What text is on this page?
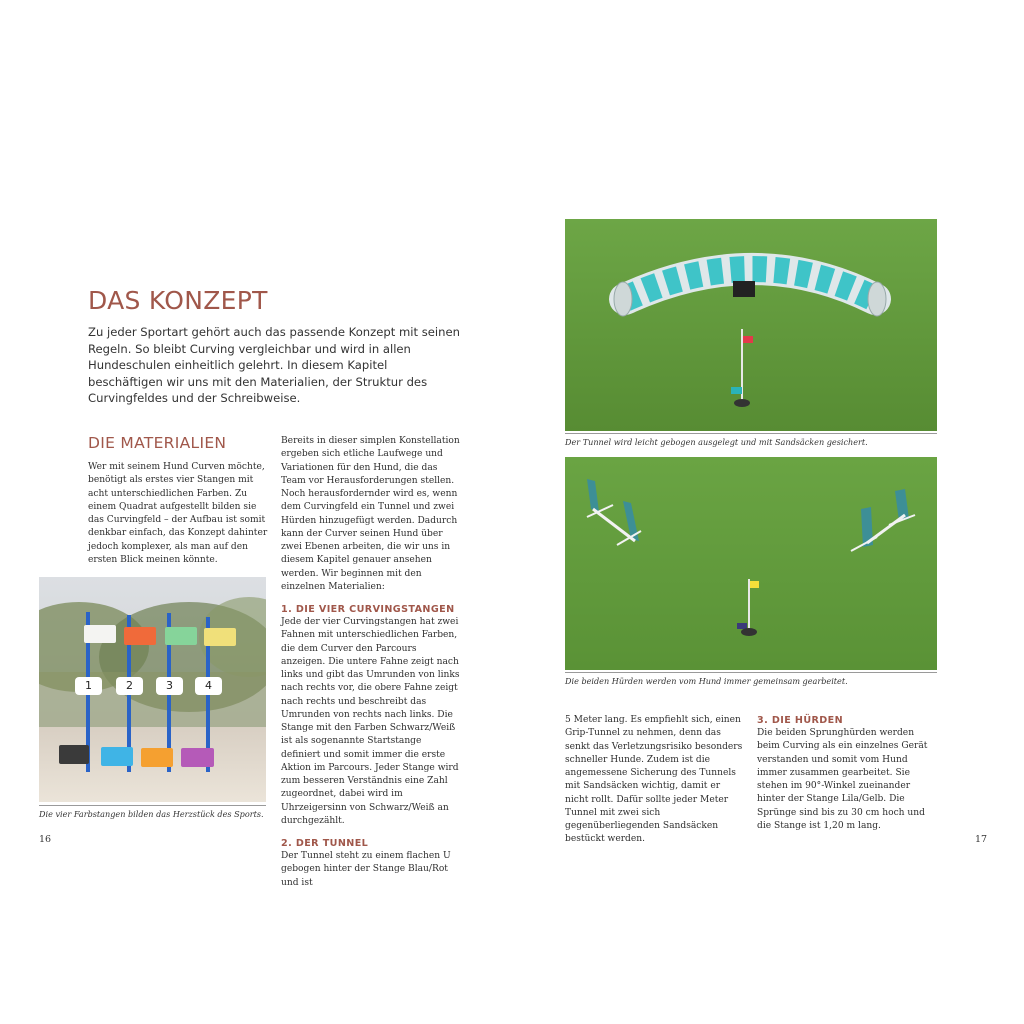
DAS KONZEPT

Zu jeder Sportart gehört auch das passende Konzept mit seinen Regeln. So bleibt Curving vergleichbar und wird in allen Hundeschulen einheitlich gelehrt. In diesem Kapitel beschäftigen wir uns mit den Materialien, der Struktur des Curvingfeldes und der Schreibweise.

DIE MATERIALIEN
Wer mit seinem Hund Curven möchte, benötigt als erstes vier Stangen mit acht unterschiedlichen Farben. Zu einem Quadrat aufgestellt bilden sie das Curvingfeld – der Aufbau ist somit denkbar einfach, das Konzept dahinter jedoch komplexer, als man auf den ersten Blick meinen könnte.
Bereits in dieser simplen Konstellation ergeben sich etliche Laufwege und Variationen für den Hund, die das Team vor Herausforderungen stellen. Noch herausfordernder wird es, wenn dem Curvingfeld ein Tunnel und zwei Hürden hinzugefügt werden. Dadurch kann der Curver seinen Hund über zwei Ebenen arbeiten, die wir uns in diesem Kapitel genauer ansehen werden. Wir beginnen mit den einzelnen Materialien:
1. DIE VIER CURVINGSTANGEN
Jede der vier Curvingstangen hat zwei Fahnen mit unterschiedlichen Farben, die dem Curver den Parcours anzeigen. Die untere Fahne zeigt nach links und gibt das Umrunden von links nach rechts vor, die obere Fahne zeigt nach rechts und beschreibt das Umrunden von rechts nach links. Die Stange mit den Farben Schwarz/Weiß ist als sogenannte Startstange definiert und somit immer die erste Aktion im Parcours. Jeder Stange wird zum besseren Verständnis eine Zahl zugeordnet, dabei wird im Uhrzeigersinn von Schwarz/Weiß an durchgezählt.
2. DER TUNNEL
Der Tunnel steht zu einem flachen U gebogen hinter der Stange Blau/Rot und ist
1	2	3	4
Die vier Farbstangen bilden das Herzstück des Sports.
16
Der Tunnel wird leicht gebogen ausgelegt und mit Sandsäcken gesichert.
Die beiden Hürden werden vom Hund immer gemeinsam gearbeitet.
5 Meter lang. Es empfiehlt sich, einen Grip-Tunnel zu nehmen, denn das senkt das Verletzungsrisiko besonders schneller Hunde. Zudem ist die angemessene Sicherung des Tunnels mit Sandsäcken wichtig, damit er nicht rollt. Dafür sollte jeder Meter Tunnel mit zwei sich gegenüberliegenden Sandsäcken bestückt werden.
3. DIE HÜRDEN
Die beiden Sprunghürden werden beim Curving als ein einzelnes Gerät verstanden und somit vom Hund immer zusammen gearbeitet. Sie stehen im 90°-Winkel zueinander hinter der Stange Lila/Gelb. Die Sprünge sind bis zu 30 cm hoch und die Stange ist 1,20 m lang.
17
